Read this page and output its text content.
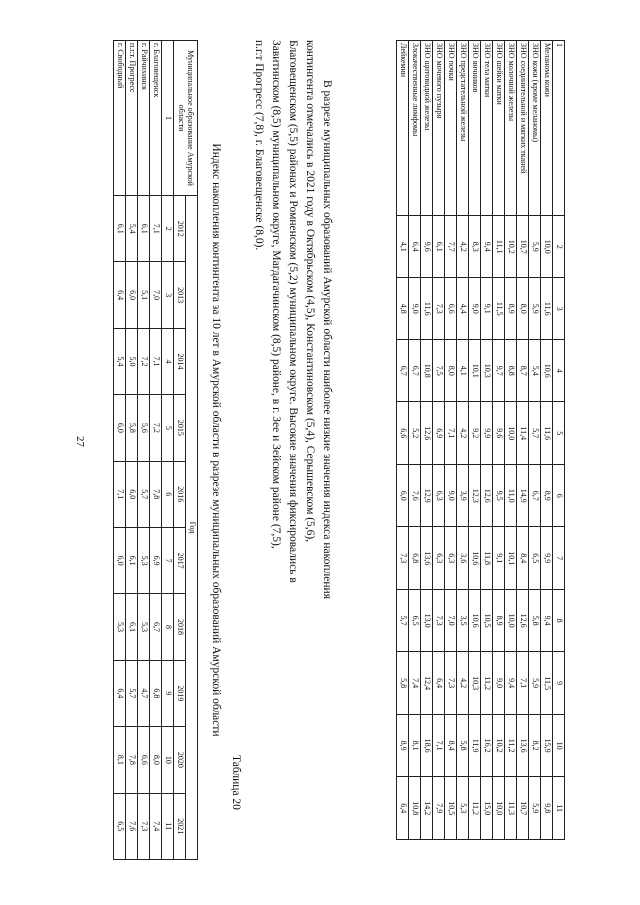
1	2	3	4	5	6	7	8	9	10	11
Меланома кожи	10,0	11,6	10,6	11,6	8,9	9,9	9,4	11,5	15,9	9,8
ЗНО кожи (кроме меланомы)	5,9	5,9	5,4	5,7	6,7	6,5	5,8	5,9	8,2	5,9
ЗНО соединительной и мягких тканей	10,7	8,0	8,7	11,4	14,9	8,4	12,6	7,1	13,6	10,7
ЗНО молочной железы	10,2	8,9	8,8	10,0	11,0	10,1	10,0	9,4	11,2	11,3
ЗНО шейки матки	11,1	11,5	9,7	9,6	9,5	9,1	8,9	9,0	10,2	10,0
ЗНО тела матки	9,4	9,1	10,3	9,9	12,6	11,8	10,5	11,2	16,2	15,0
ЗНО яичников	8,3	9,0	10,1	9,2	12,3	10,6	10,6	10,3	11,9	11,2
ЗНО предстательной железы	4,2	4,4	4,1	4,2	3,9	3,6	3,5	4,2	5,8	5,3
ЗНО почки	7,7	6,6	8,0	7,1	9,0	6,3	7,0	7,3	8,4	10,5
ЗНО мочевого пузыря	6,1	7,3	7,5	6,9	6,3	6,3	7,3	6,4	7,1	7,9
ЗНО щитовидной железы	9,6	11,6	10,8	12,6	12,9	13,6	13,0	12,4	18,6	14,2
Злокачественные лимфомы	6,4	9,0	6,7	5,2	7,6	6,8	6,5	7,4	8,1	10,8
Лейкемии	4,1	4,8	6,7	6,6	6,0	7,3	5,7	5,8	8,9	6,4
В разрезе муниципальных образований Амурской области наиболее низкие значения индекса накопления
контингента отмечались в 2021 году в Октябрьском (4,5), Константиновском (5,4), Серышевском (5,6),
Благовещенском (5,5) районах и Ромненском (5,2) муниципальном округе. Высокие значения фиксировались в
Завитинском (8,5) муниципальном округе, Магдагачинском (8,5) районе, в г. Зее и Зейском районе (7,5),
п.г.т Прогресс (7,8), г. Благовещенске (8,0).
Таблица 20
Индекс накопления контингента за 10 лет в Амурской области в разрезе муниципальных образований Амурской области
Муниципальное образование Амурской области	Год									
	2012	2013	2014	2015	2016	2017	2018	2019	2020	2021
1	2	3	4	5	6	7	8	9	10	11
г. Благовещенск	7,1	7,0	7,1	7,2	7,8	6,9	6,7	6,8	8,0	7,4
г. Райчихинск	6,1	5,1	7,2	5,6	5,7	5,3	5,3	4,7	6,6	7,3
п.г.т. Прогресс	5,4	6,0	5,0	5,8	6,0	6,1	6,1	5,7	7,8	7,6
г. Свободный	6,1	6,4	5,4	6,0	7,1	6,0	5,3	6,4	8,1	6,5
27
